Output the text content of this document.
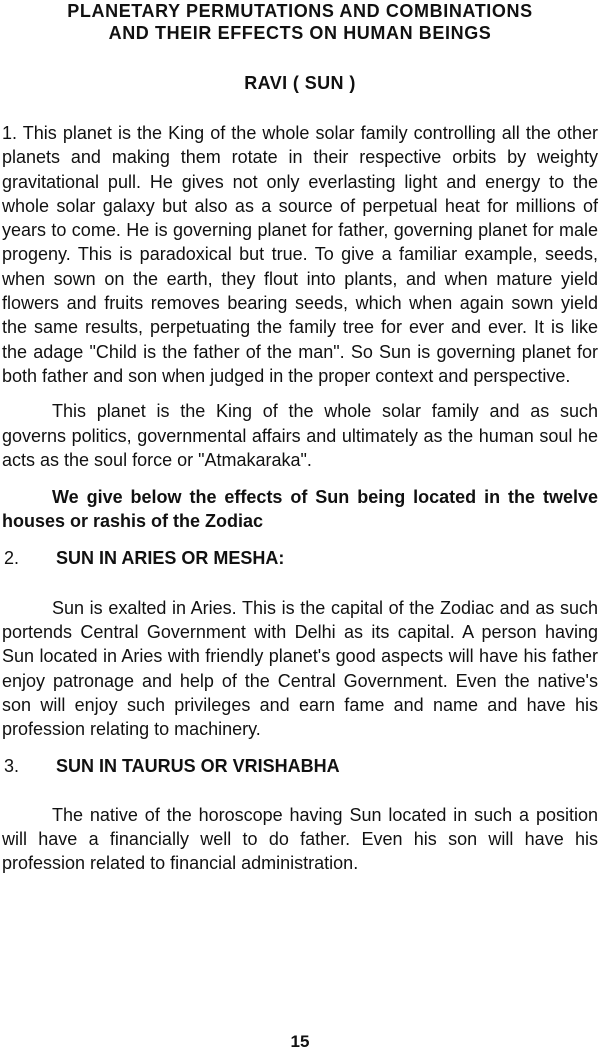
PLANETARY PERMUTATIONS AND COMBINATIONS
AND THEIR EFFECTS ON HUMAN BEINGS
RAVI ( SUN )

1. This planet is the King of the whole solar family controlling all the other planets and making them rotate in their respective orbits by weighty gravitational pull. He gives not only everlasting light and energy to the whole solar galaxy but also as a source of perpetual heat for millions of years to come. He is governing planet for father, governing planet for male progeny. This is paradoxical but true. To give a familiar example, seeds, when sown on the earth, they flout into plants, and when mature yield flowers and fruits removes bearing seeds, which when again sown yield the same results, perpetuating the family tree for ever and ever. It is like the adage "Child is the father of the man". So Sun is governing planet for both father and son when judged in the proper context and perspective.

This planet is the King of the whole solar family and as such governs politics, governmental affairs and ultimately as the human soul he acts as the soul force or "Atmakaraka".

We give below the effects of Sun being located in the twelve houses or rashis of the Zodiac

2.	SUN IN ARIES OR MESHA:

Sun is exalted in Aries. This is the capital of the Zodiac and as such portends Central Government with Delhi as its capital. A person having Sun located in Aries with friendly planet's good aspects will have his father enjoy patronage and help of the Central Government. Even the native's son will enjoy such privileges and earn fame and name and have his profession relating to machinery.

3.	SUN IN TAURUS OR VRISHABHA

The native of the horoscope having Sun located in such a position will have a financially well to do father. Even his son will have his profession related to financial administration.

15
